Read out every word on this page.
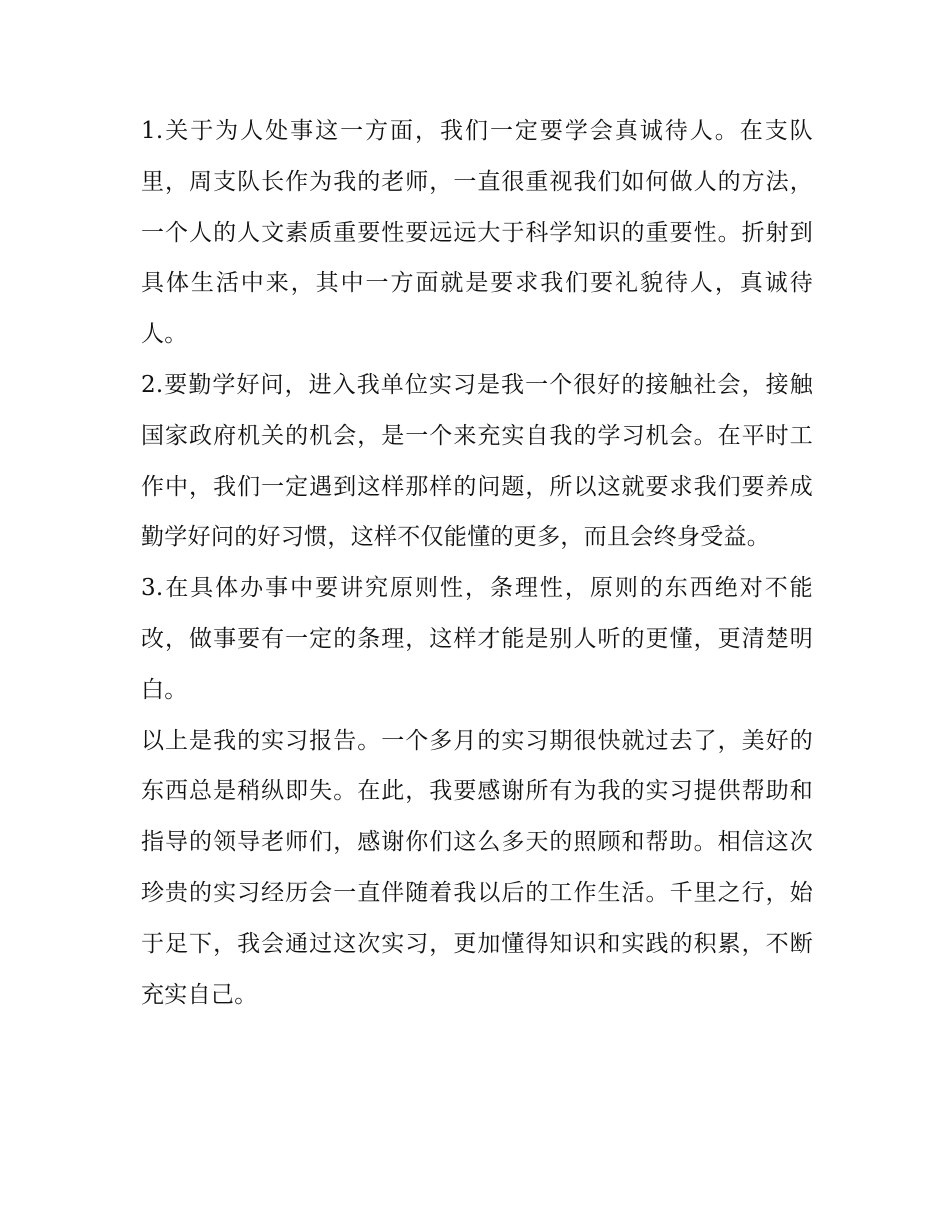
1.关于为人处事这一方面，我们一定要学会真诚待人。在支队里，周支队长作为我的老师，一直很重视我们如何做人的方法，一个人的人文素质重要性要远远大于科学知识的重要性。折射到具体生活中来，其中一方面就是要求我们要礼貌待人，真诚待人。

2.要勤学好问，进入我单位实习是我一个很好的接触社会，接触国家政府机关的机会，是一个来充实自我的学习机会。在平时工作中，我们一定遇到这样那样的问题，所以这就要求我们要养成勤学好问的好习惯，这样不仅能懂的更多，而且会终身受益。

3.在具体办事中要讲究原则性，条理性，原则的东西绝对不能改，做事要有一定的条理，这样才能是别人听的更懂，更清楚明白。

以上是我的实习报告。一个多月的实习期很快就过去了，美好的东西总是稍纵即失。在此，我要感谢所有为我的实习提供帮助和指导的领导老师们，感谢你们这么多天的照顾和帮助。相信这次珍贵的实习经历会一直伴随着我以后的工作生活。千里之行，始于足下，我会通过这次实习，更加懂得知识和实践的积累，不断充实自己。
